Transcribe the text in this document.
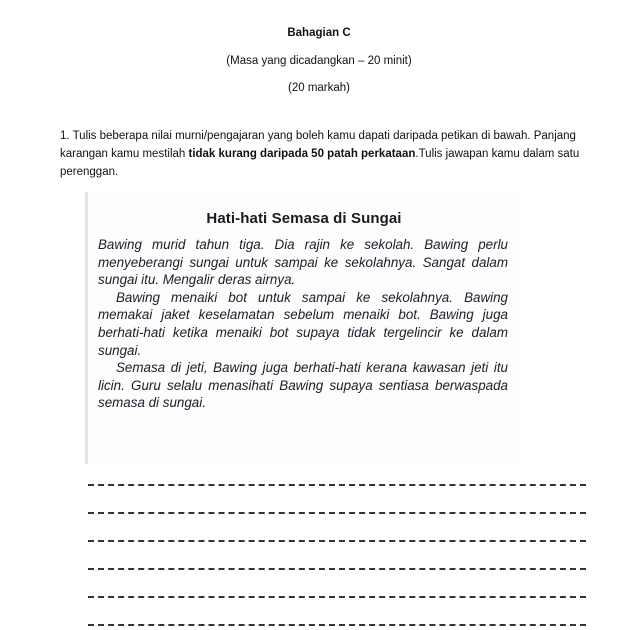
Bahagian C
(Masa yang dicadangkan – 20 minit)
(20 markah)
1. Tulis beberapa nilai murni/pengajaran yang boleh kamu dapati daripada petikan di bawah. Panjang karangan kamu mestilah tidak kurang daripada 50 patah perkataan.Tulis jawapan kamu dalam satu perenggan.
Hati-hati Semasa di Sungai

Bawing murid tahun tiga. Dia rajin ke sekolah. Bawing perlu menyeberangi sungai untuk sampai ke sekolahnya. Sangat dalam sungai itu. Mengalir deras airnya.

Bawing menaiki bot untuk sampai ke sekolahnya. Bawing memakai jaket keselamatan sebelum menaiki bot. Bawing juga berhati-hati ketika menaiki bot supaya tidak tergelincir ke dalam sungai.

Semasa di jeti, Bawing juga berhati-hati kerana kawasan jeti itu licin. Guru selalu menasihati Bawing supaya sentiasa berwaspada semasa di sungai.
